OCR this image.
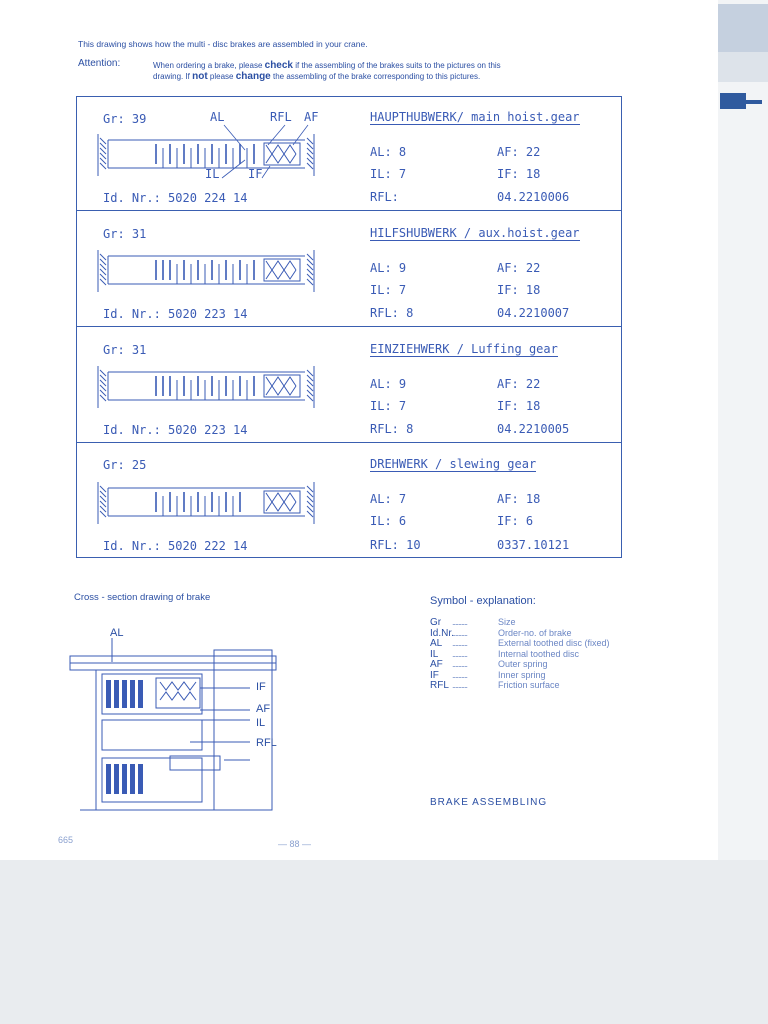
This drawing shows how the multi - disc brakes are assembled in your crane.
Attention:	When ordering a brake, please check if the assembling of the brakes suits to the pictures on this
drawing. If not please change the assembling of the brake corresponding to this pictures.
AL	RFL AF
IL IF
Gr: 39
Id. Nr.: 5020 224 14
HAUPTHUBWERK/ main hoist.gear
AL: 8	AF: 22
IL: 7	IF: 18
RFL:	04.2210006
Gr: 31
Id. Nr.: 5020 223 14
HILFSHUBWERK / aux.hoist.gear
AL: 9	AF: 22
IL: 7	IF: 18
RFL: 8	04.2210007
Gr: 31
Id. Nr.: 5020 223 14
EINZIEHWERK / Luffing gear
AL: 9	AF: 22
IL: 7	IF: 18
RFL: 8	04.2210005
Gr: 25
Id. Nr.: 5020 222 14
DREHWERK / slewing gear
AL: 7	AF: 18
IL: 6	IF: 6
RFL: 10	0337.10121
Cross - section drawing of brake
AL
IF
AF
IL
RFL
Symbol - explanation:
Gr ..........	Size
Id.Nr...........	Order-no. of brake
AL ..........	External toothed disc (fixed)
IL ..........	Internal toothed disc
AF ..........	Outer spring
IF ..........	Inner spring
RFL ..........	Friction surface
BRAKE ASSEMBLING
665	— 88 —
